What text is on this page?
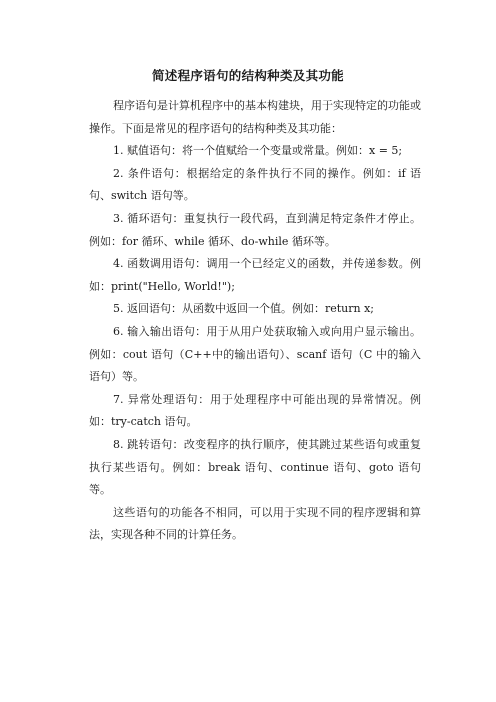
简述程序语句的结构种类及其功能

程序语句是计算机程序中的基本构建块，用于实现特定的功能或操作。下面是常见的程序语句的结构种类及其功能：

1. 赋值语句：将一个值赋给一个变量或常量。例如：x = 5;

2. 条件语句：根据给定的条件执行不同的操作。例如：if 语句、switch 语句等。

3. 循环语句：重复执行一段代码，直到满足特定条件才停止。例如：for 循环、while 循环、do-while 循环等。

4. 函数调用语句：调用一个已经定义的函数，并传递参数。例如：print("Hello, World!");

5. 返回语句：从函数中返回一个值。例如：return x;

6. 输入输出语句：用于从用户处获取输入或向用户显示输出。例如：cout 语句（C++中的输出语句）、scanf 语句（C 中的输入语句）等。

7. 异常处理语句：用于处理程序中可能出现的异常情况。例如：try-catch 语句。

8. 跳转语句：改变程序的执行顺序，使其跳过某些语句或重复执行某些语句。例如：break 语句、continue 语句、goto 语句等。

这些语句的功能各不相同，可以用于实现不同的程序逻辑和算法，实现各种不同的计算任务。
